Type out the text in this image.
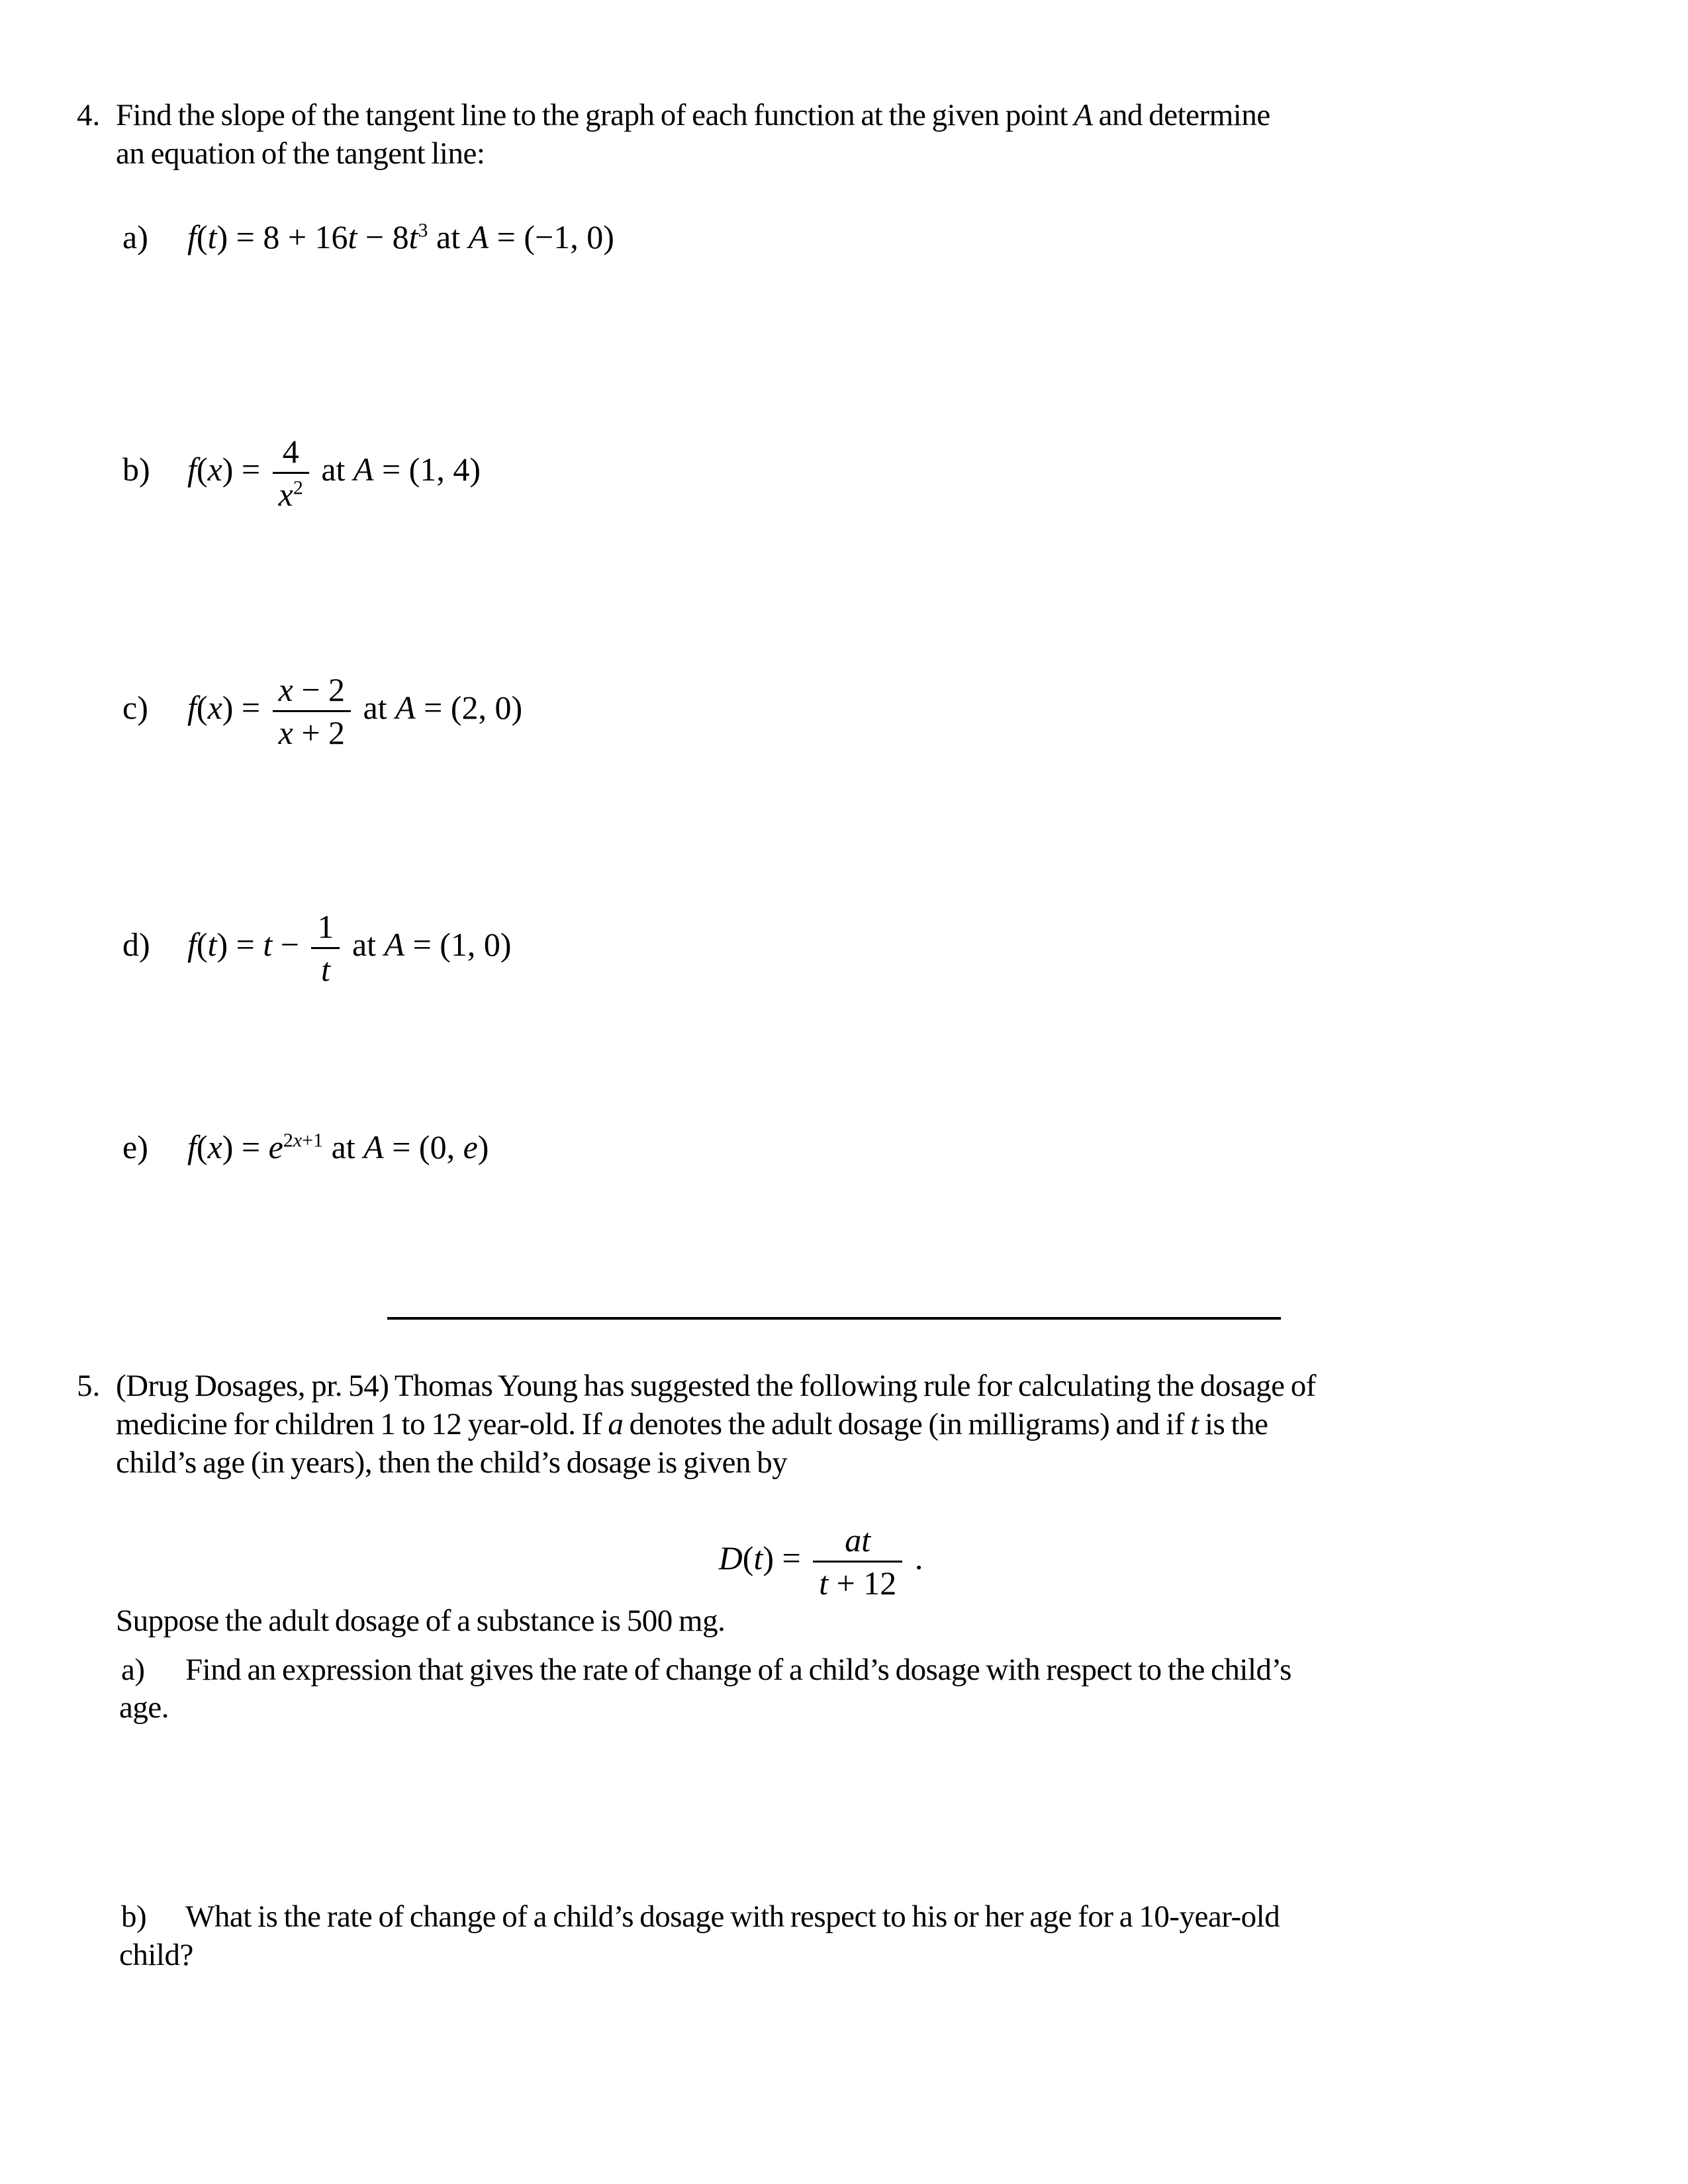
4. Find the slope of the tangent line to the graph of each function at the given point A and determine
an equation of the tangent line:
a) $f(t) = 8 + 16t - 8t^3$ at A = (−1, 0)
b) $f(x) = \frac{4}{x^2}$ at A = (1, 4)
c) $f(x) = \frac{x - 2}{x + 2}$ at A = (2, 0)
d) $f(t) = t - \frac{1}{t}$ at A = (1, 0)
e) $f(x) = e^{2x+1}$ at A = (0, e)
5. (Drug Dosages, pr. 54) Thomas Young has suggested the following rule for calculating the dosage of
medicine for children 1 to 12 year-old. If a denotes the adult dosage (in milligrams) and if t is the
child’s age (in years), then the child’s dosage is given by
$D(t) = \frac{at}{t + 12}$ .
Suppose the adult dosage of a substance is 500 mg.
a) Find an expression that gives the rate of change of a child’s dosage with respect to the child’s
age.
b) What is the rate of change of a child’s dosage with respect to his or her age for a 10-year-old
child?
